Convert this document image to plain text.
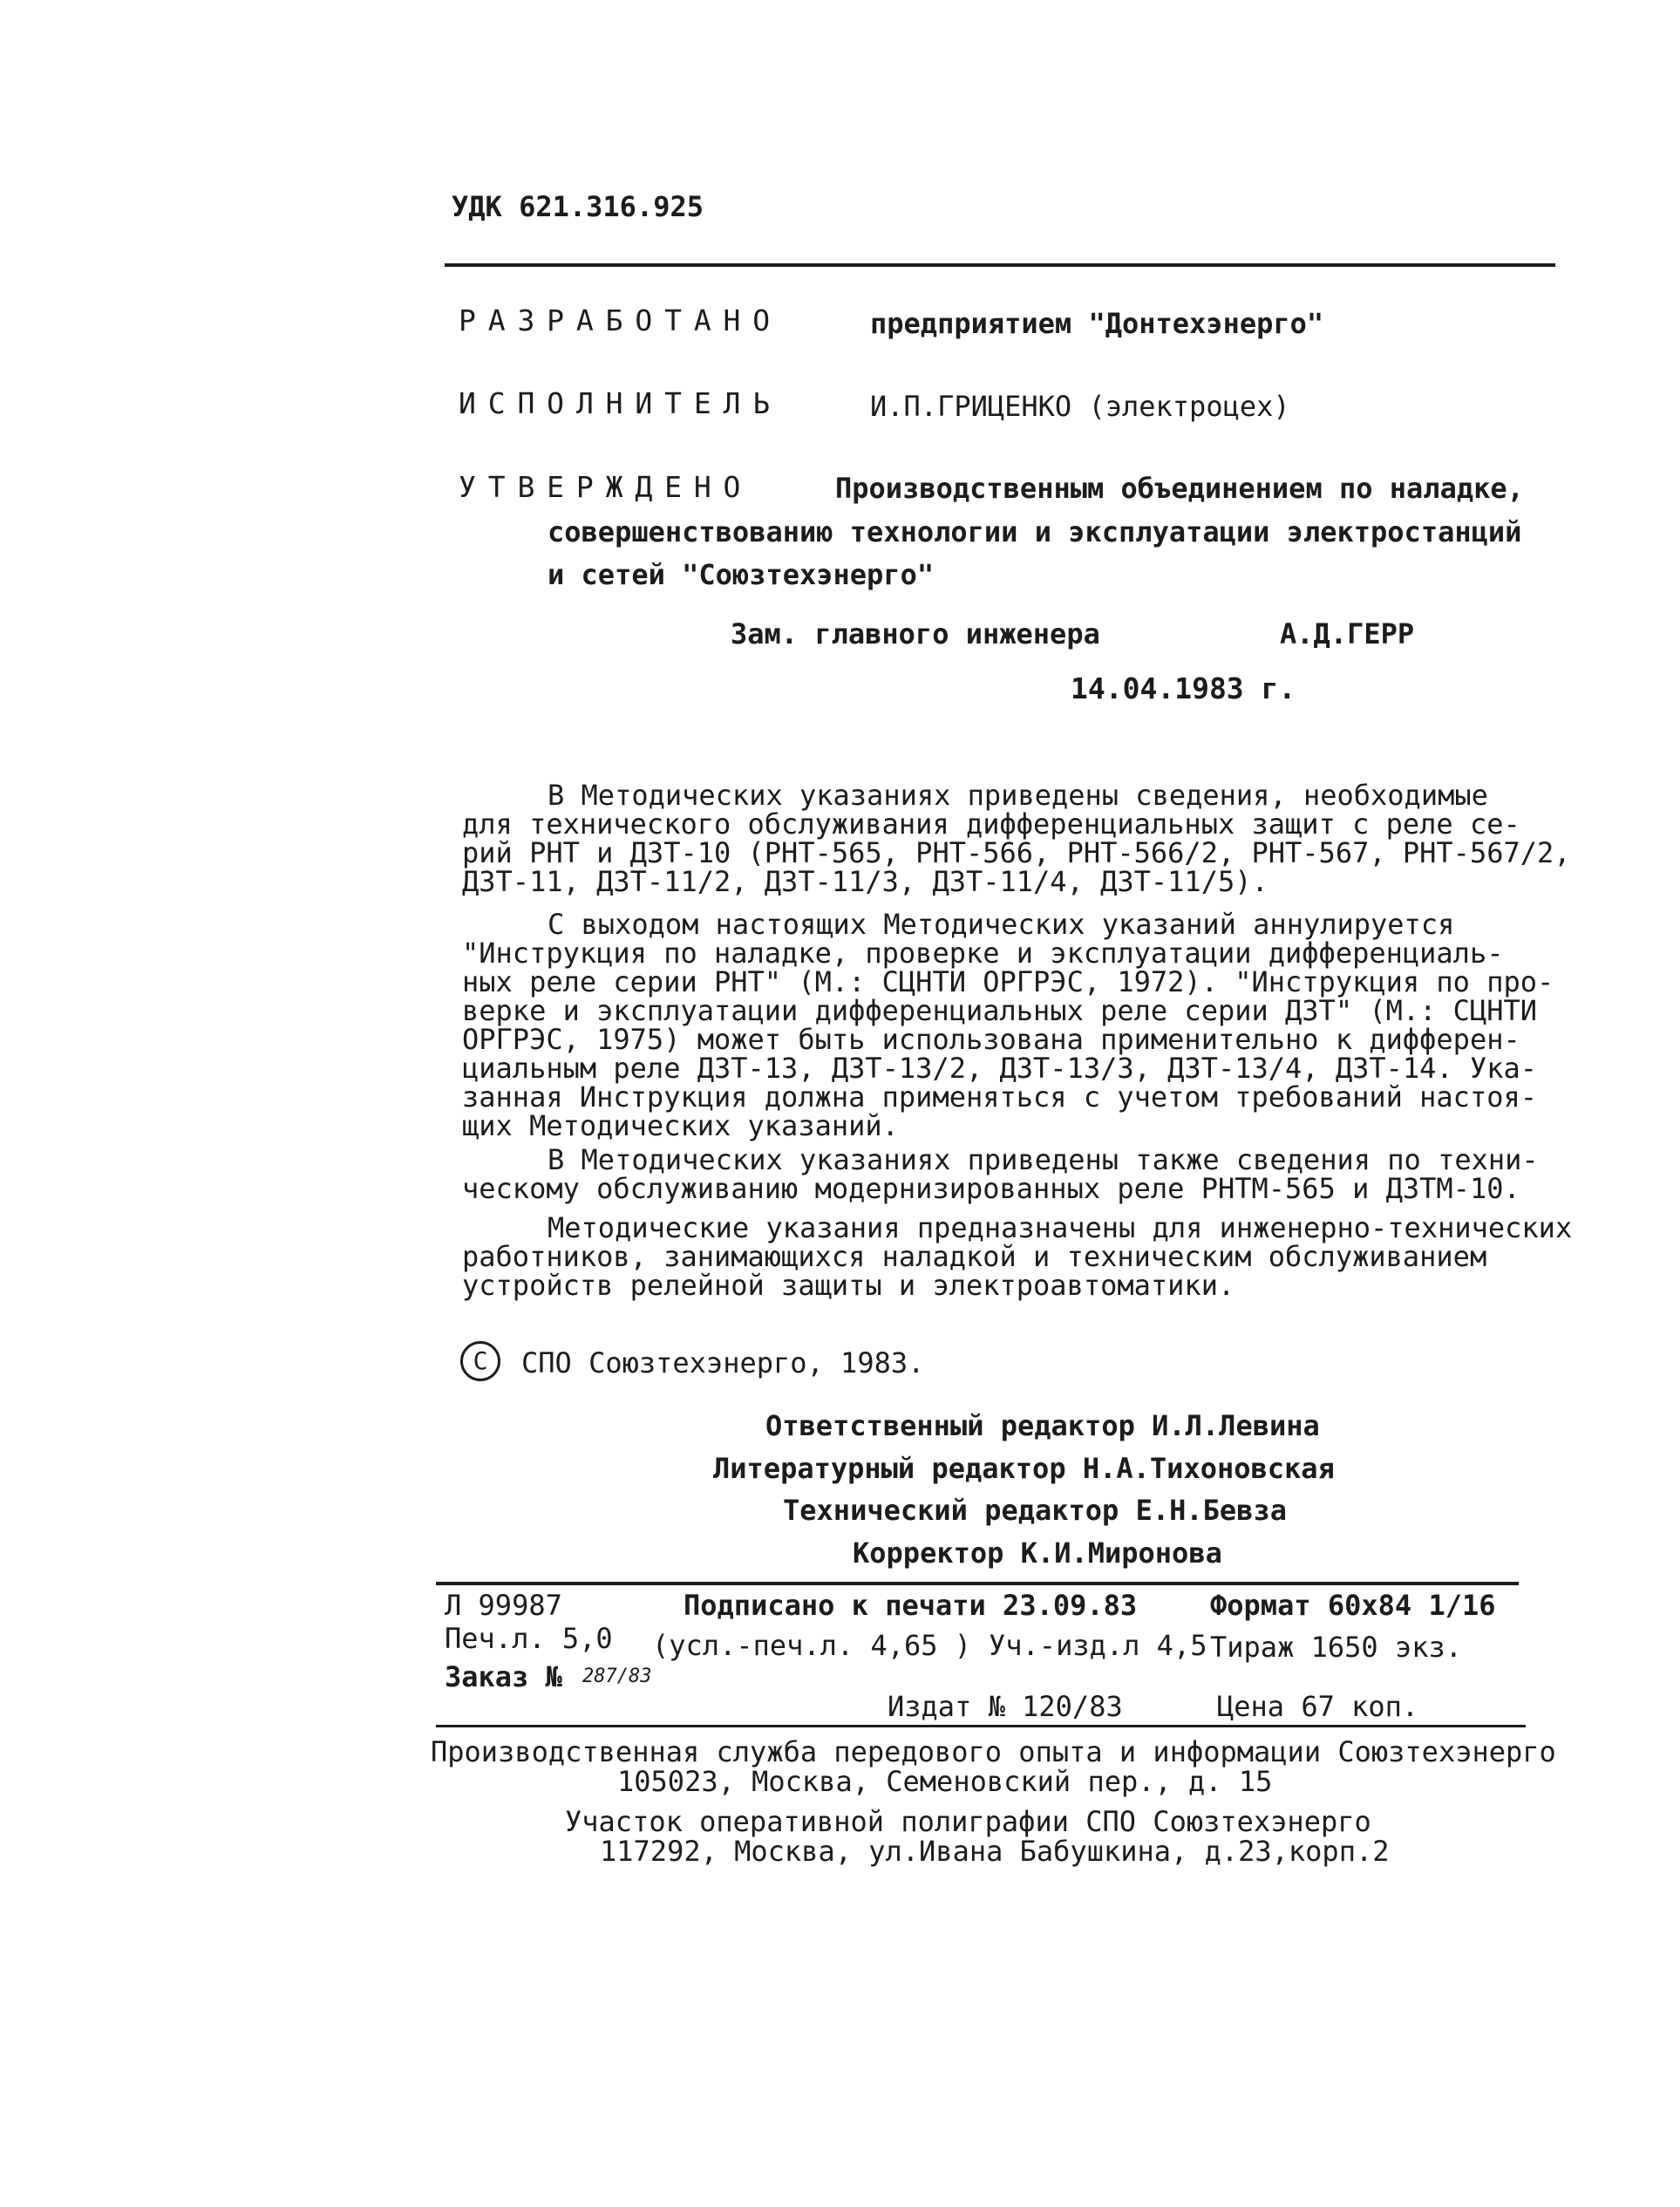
УДК 621.316.925
РАЗРАБОТАНО	предприятием "Донтехэнерго"
ИСПОЛНИТЕЛЬ	И.П.ГРИЦЕНКО (электроцех)
УТВЕРЖДЕНО	Производственным объединением по наладке,
совершенствованию технологии и эксплуатации электростанций
и сетей "Союзтехэнерго"
Зам. главного инженера	А.Д.ГЕРР
14.04.1983 г.
В Методических указаниях приведены сведения, необходимые
для технического обслуживания дифференциальных защит с реле се-
рий РНТ и ДЗТ-10 (РНТ-565, РНТ-566, РНТ-566/2, РНТ-567, РНТ-567/2,
ДЗТ-11, ДЗТ-11/2, ДЗТ-11/3, ДЗТ-11/4, ДЗТ-11/5).
С выходом настоящих Методических указаний аннулируется
"Инструкция по наладке, проверке и эксплуатации дифференциаль-
ных реле серии РНТ" (М.: СЦНТИ ОРГРЭС, 1972). "Инструкция по про-
верке и эксплуатации дифференциальных реле серии ДЗТ" (М.: СЦНТИ
ОРГРЭС, 1975) может быть использована применительно к дифферен-
циальным реле ДЗТ-13, ДЗТ-13/2, ДЗТ-13/3, ДЗТ-13/4, ДЗТ-14. Ука-
занная Инструкция должна применяться с учетом требований настоя-
щих Методических указаний.
В Методических указаниях приведены также сведения по техни-
ческому обслуживанию модернизированных реле РНТМ-565 и ДЗТМ-10.
Методические указания предназначены для инженерно-технических
работников, занимающихся наладкой и техническим обслуживанием
устройств релейной защиты и электроавтоматики.
C	СПО Союзтехэнерго, 1983.
Ответственный редактор И.Л.Левина
Литературный редактор Н.А.Тихоновская
Технический редактор Е.Н.Бевза
Корректор К.И.Миронова
Л 99987	Подписано к печати 23.09.83	Формат 60х84 1/16
Печ.л. 5,0 (усл.-печ.л. 4,65 ) Уч.-изд.л 4,5 Тираж 1650 экз.
Заказ № 287/83
Издат № 120/83	Цена 67 коп.
Производственная служба передового опыта и информации Союзтехэнерго
105023, Москва, Семеновский пер., д. 15
Участок оперативной полиграфии СПО Союзтехэнерго
117292, Москва, ул.Ивана Бабушкина, д.23,корп.2
